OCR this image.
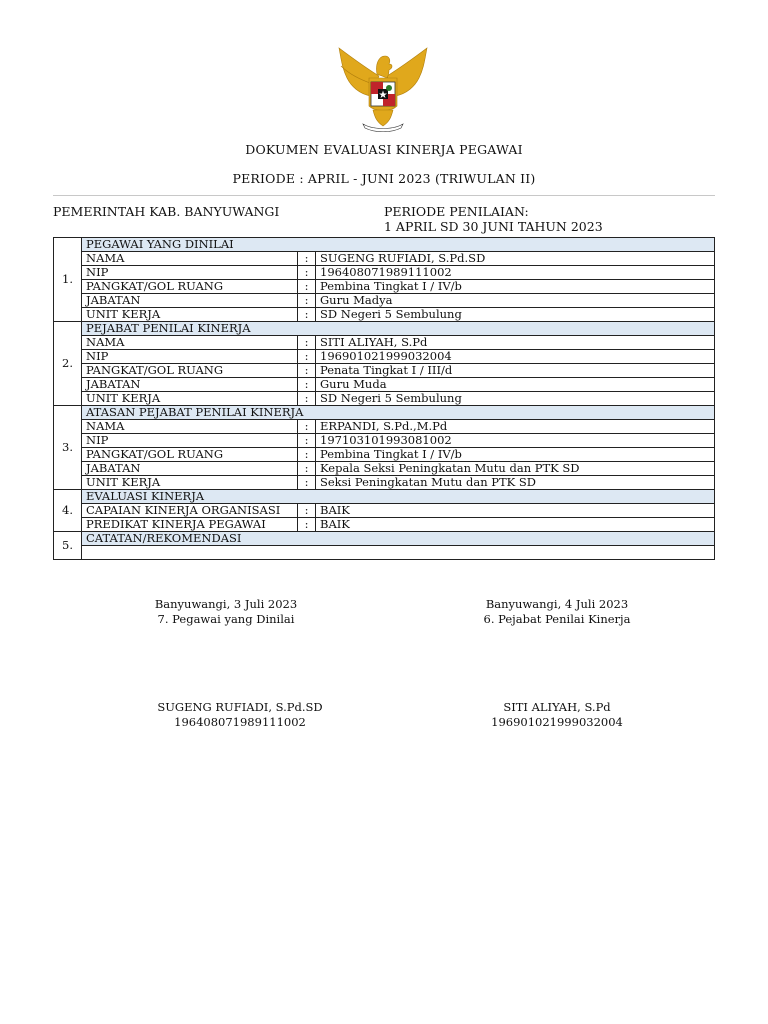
DOKUMEN EVALUASI KINERJA PEGAWAI
PERIODE : APRIL - JUNI 2023 (TRIWULAN II)
PEMERINTAH KAB. BANYUWANGI	PERIODE PENILAIAN:
1 APRIL SD 30 JUNI TAHUN 2023
1.	PEGAWAI YANG DINILAI		
	NAMA	:	SUGENG RUFIADI, S.Pd.SD
	NIP	:	196408071989111002
	PANGKAT/GOL RUANG	:	Pembina Tingkat I / IV/b
	JABATAN	:	Guru Madya
	UNIT KERJA	:	SD Negeri 5 Sembulung
2.	PEJABAT PENILAI KINERJA		
	NAMA	:	SITI ALIYAH, S.Pd
	NIP	:	196901021999032004
	PANGKAT/GOL RUANG	:	Penata Tingkat I / III/d
	JABATAN	:	Guru Muda
	UNIT KERJA	:	SD Negeri 5 Sembulung
3.	ATASAN PEJABAT PENILAI KINERJA		
	NAMA	:	ERPANDI, S.Pd.,M.Pd
	NIP	:	197103101993081002
	PANGKAT/GOL RUANG	:	Pembina Tingkat I / IV/b
	JABATAN	:	Kepala Seksi Peningkatan Mutu dan PTK SD
	UNIT KERJA	:	Seksi Peningkatan Mutu dan PTK SD
4.	EVALUASI KINERJA		
	CAPAIAN KINERJA ORGANISASI	:	BAIK
	PREDIKAT KINERJA PEGAWAI	:	BAIK
5.	CATATAN/REKOMENDASI		

Banyuwangi, 3 Juli 2023
7. Pegawai yang Dinilai
Banyuwangi, 4 Juli 2023
6. Pejabat Penilai Kinerja
SUGENG RUFIADI, S.Pd.SD
196408071989111002
SITI ALIYAH, S.Pd
196901021999032004
